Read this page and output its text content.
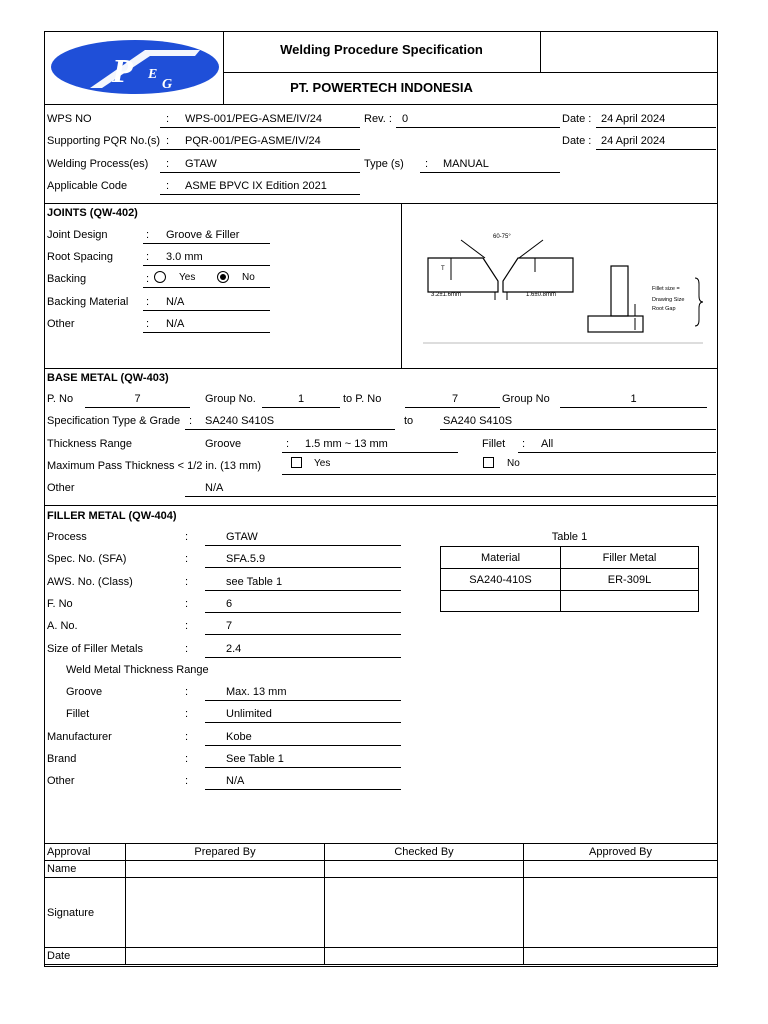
P E
G
Welding Procedure Specification
PT. POWERTECH INDONESIA
WPS NO	: WPS-001/PEG-ASME/IV/24	Rev. : 0	Date : 24 April 2024
Supporting PQR No.(s) : PQR-001/PEG-ASME/IV/24	Date : 24 April 2024
Welding Process(es) : GTAW	Type (s) : MANUAL
Applicable Code	: ASME BPVC IX Edition 2021
JOINTS (QW-402)
Joint Design	: Groove & Filler
Root Spacing	: 3.0 mm
Backing	:	Yes	No
Backing Material : N/A
Other	: N/A
T
60-75°
3.2±1.6mm	1.6±0.8mm
Fillet size =
Drawing Size
Root Gap
BASE METAL (QW-403)
P. No	7	Group No.	1	to P. No	7	Group No	1
Specification Type & Grade : SA240 S410S	to	SA240 S410S
Thickness Range	Groove	: 1.5 mm ~ 13 mm	Fillet : All
Maximum Pass Thickness < 1/2 in. (13 mm)	Yes	No
Other	N/A
FILLER METAL (QW-404)
Process	:	GTAW
Spec. No. (SFA)	:	SFA.5.9
AWS. No. (Class)	:	see Table 1
F. No	:	6
A. No.	:	7
Size of Filler Metals	:	2.4
Weld Metal Thickness Range
Groove	:	Max. 13 mm
Fillet	:	Unlimited
Manufacturer	:	Kobe
Brand	:	See Table 1
Other	:	N/A
Table 1
Material	Filler Metal
SA240-410S	ER-309L

Approval	Prepared By	Checked By	Approved By
Name			
Signature			
Date			
